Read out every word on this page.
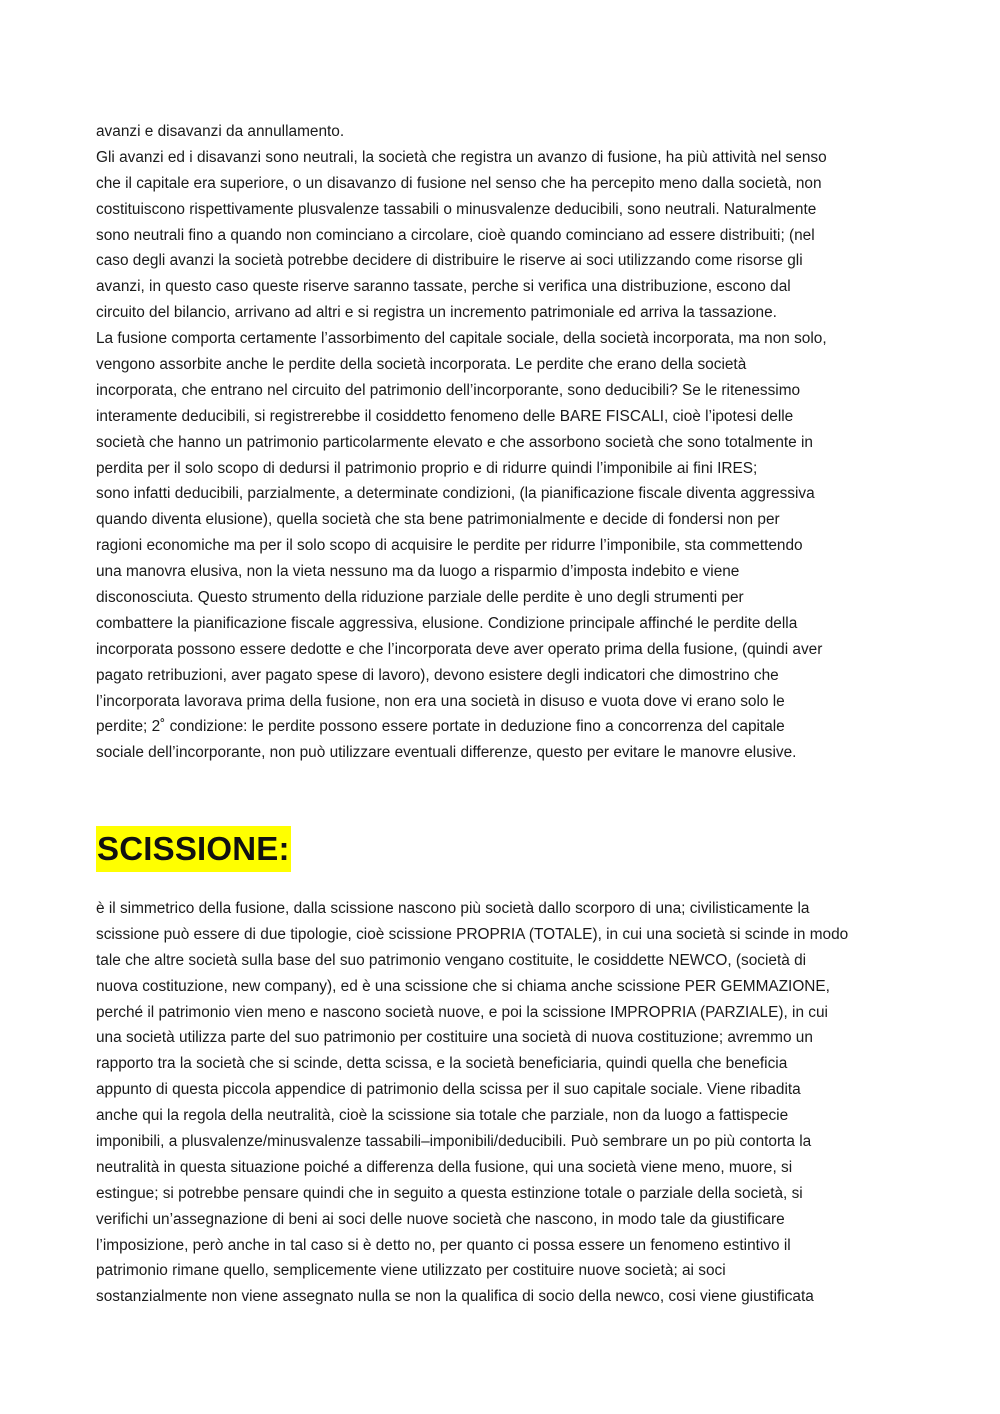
avanzi e disavanzi da annullamento.
Gli avanzi ed i disavanzi sono neutrali, la società che registra un avanzo di fusione, ha più attività nel senso
che il capitale era superiore, o un disavanzo di fusione nel senso che ha percepito meno dalla società, non
costituiscono rispettivamente plusvalenze tassabili o minusvalenze deducibili, sono neutrali. Naturalmente
sono neutrali fino a quando non cominciano a circolare, cioè quando cominciano ad essere distribuiti; (nel
caso degli avanzi la società potrebbe decidere di distribuire le riserve ai soci utilizzando come risorse gli
avanzi, in questo caso queste riserve saranno tassate, perche si verifica una distribuzione, escono dal
circuito del bilancio, arrivano ad altri e si registra un incremento patrimoniale ed arriva la tassazione.
La fusione comporta certamente l’assorbimento del capitale sociale, della società incorporata, ma non solo,
vengono assorbite anche le perdite della società incorporata. Le perdite che erano della società
incorporata, che entrano nel circuito del patrimonio dell’incorporante, sono deducibili? Se le ritenessimo
interamente deducibili, si registrerebbe il cosiddetto fenomeno delle BARE FISCALI, cioè l’ipotesi delle
società che hanno un patrimonio particolarmente elevato e che assorbono società che sono totalmente in
perdita per il solo scopo di dedursi il patrimonio proprio e di ridurre quindi l’imponibile ai fini IRES;
sono infatti deducibili, parzialmente, a determinate condizioni, (la pianificazione fiscale diventa aggressiva
quando diventa elusione), quella società che sta bene patrimonialmente e decide di fondersi non per
ragioni economiche ma per il solo scopo di acquisire le perdite per ridurre l’imponibile, sta commettendo
una manovra elusiva, non la vieta nessuno ma da luogo a risparmio d’imposta indebito e viene
disconosciuta. Questo strumento della riduzione parziale delle perdite è uno degli strumenti per
combattere la pianificazione fiscale aggressiva, elusione. Condizione principale affinché le perdite della
incorporata possono essere dedotte e che l’incorporata deve aver operato prima della fusione, (quindi aver
pagato retribuzioni, aver pagato spese di lavoro), devono esistere degli indicatori che dimostrino che
l’incorporata lavorava prima della fusione, non era una società in disuso e vuota dove vi erano solo le
perdite; 2˚ condizione: le perdite possono essere portate in deduzione fino a concorrenza del capitale
sociale dell’incorporante, non può utilizzare eventuali differenze, questo per evitare le manovre elusive.
SCISSIONE:
è il simmetrico della fusione, dalla scissione nascono più società dallo scorporo di una; civilisticamente la
scissione può essere di due tipologie, cioè scissione PROPRIA (TOTALE), in cui una società si scinde in modo
tale che altre società sulla base del suo patrimonio vengano costituite, le cosiddette NEWCO, (società di
nuova costituzione, new company), ed è una scissione che si chiama anche scissione PER GEMMAZIONE,
perché il patrimonio vien meno e nascono società nuove, e poi la scissione IMPROPRIA (PARZIALE), in cui
una società utilizza parte del suo patrimonio per costituire una società di nuova costituzione; avremmo un
rapporto tra la società che si scinde, detta scissa, e la società beneficiaria, quindi quella che beneficia
appunto di questa piccola appendice di patrimonio della scissa per il suo capitale sociale. Viene ribadita
anche qui la regola della neutralità, cioè la scissione sia totale che parziale, non da luogo a fattispecie
imponibili, a plusvalenze/minusvalenze tassabili–imponibili/deducibili. Può sembrare un po più contorta la
neutralità in questa situazione poiché a differenza della fusione, qui una società viene meno, muore, si
estingue; si potrebbe pensare quindi che in seguito a questa estinzione totale o parziale della società, si
verifichi un’assegnazione di beni ai soci delle nuove società che nascono, in modo tale da giustificare
l’imposizione, però anche in tal caso si è detto no, per quanto ci possa essere un fenomeno estintivo il
patrimonio rimane quello, semplicemente viene utilizzato per costituire nuove società; ai soci
sostanzialmente non viene assegnato nulla se non la qualifica di socio della newco, cosi viene giustificata
